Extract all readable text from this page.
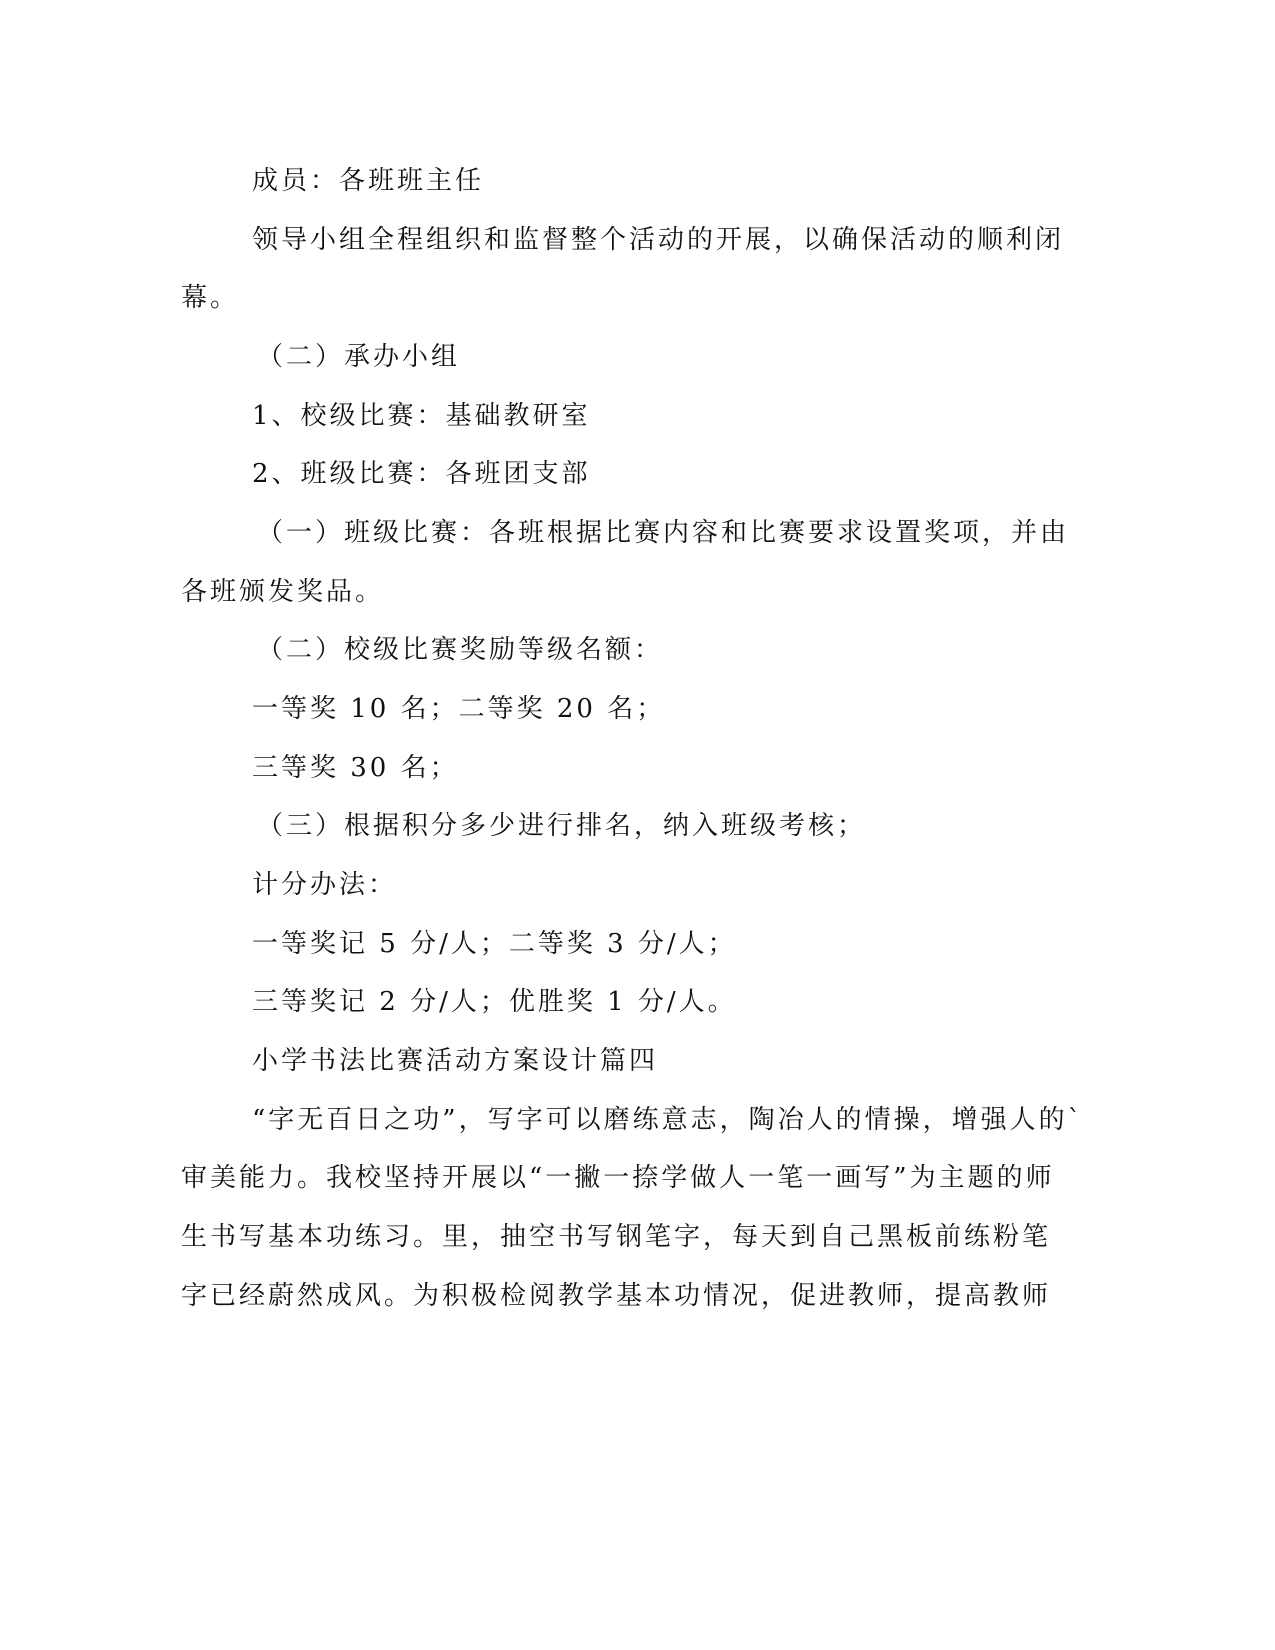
成员：各班班主任

领导小组全程组织和监督整个活动的开展，以确保活动的顺利闭

幕。

（二）承办小组

1、校级比赛：基础教研室

2、班级比赛：各班团支部

（一）班级比赛：各班根据比赛内容和比赛要求设置奖项，并由

各班颁发奖品。

（二）校级比赛奖励等级名额：

一等奖 10 名；二等奖 20 名；

三等奖 30 名；

（三）根据积分多少进行排名，纳入班级考核；

计分办法：

一等奖记 5 分/人；二等奖 3 分/人；

三等奖记 2 分/人；优胜奖 1 分/人。

小学书法比赛活动方案设计篇四

“字无百日之功”，写字可以磨练意志，陶冶人的情操，增强人的`

审美能力。我校坚持开展以“一撇一捺学做人一笔一画写”为主题的师

生书写基本功练习。里，抽空书写钢笔字，每天到自己黑板前练粉笔

字已经蔚然成风。为积极检阅教学基本功情况，促进教师，提高教师
